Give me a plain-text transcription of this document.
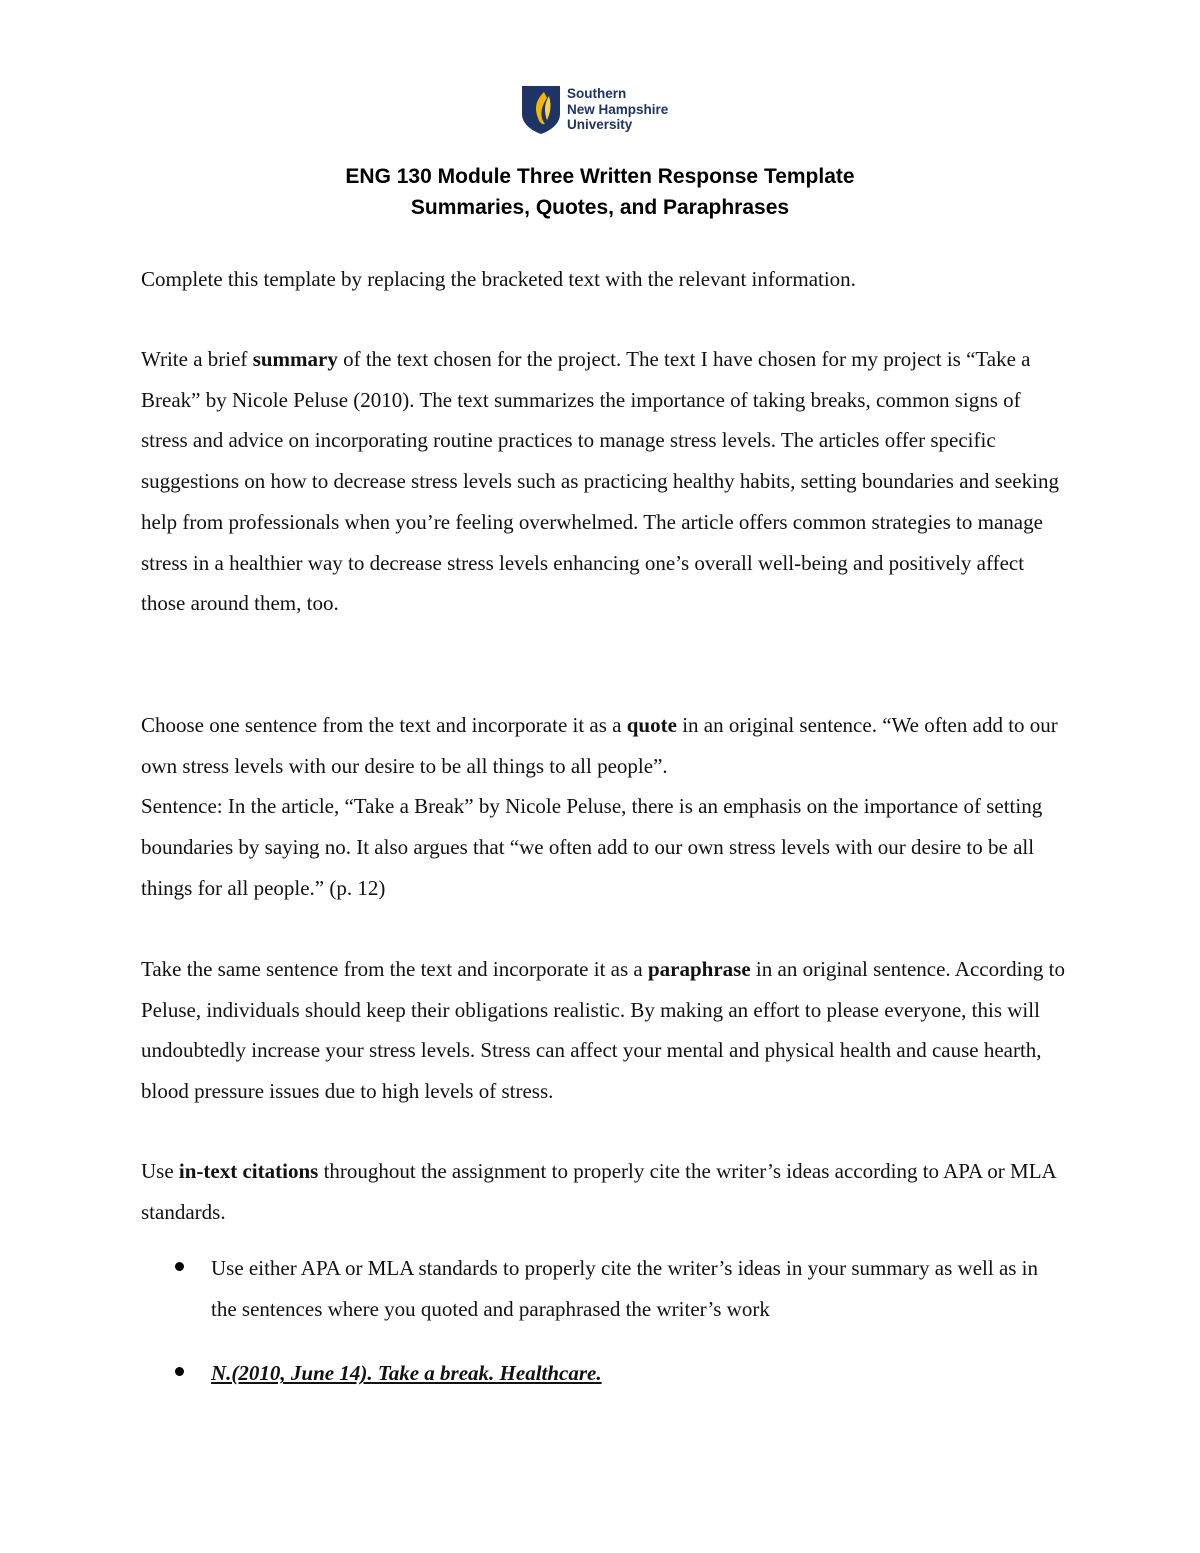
Southern
New Hampshire
University
ENG 130 Module Three Written Response Template
Summaries, Quotes, and Paraphrases

Complete this template by replacing the bracketed text with the relevant information.

Write a brief summary of the text chosen for the project. The text I have chosen for my project is “Take a Break” by Nicole Peluse (2010). The text summarizes the importance of taking breaks, common signs of stress and advice on incorporating routine practices to manage stress levels. The articles offer specific suggestions on how to decrease stress levels such as practicing healthy habits, setting boundaries and seeking help from professionals when you’re feeling overwhelmed. The article offers common strategies to manage stress in a healthier way to decrease stress levels enhancing one’s overall well-being and positively affect those around them, too.

Choose one sentence from the text and incorporate it as a quote in an original sentence. “We often add to our own stress levels with our desire to be all things to all people”.
Sentence: In the article, “Take a Break” by Nicole Peluse, there is an emphasis on the importance of setting boundaries by saying no. It also argues that “we often add to our own stress levels with our desire to be all things for all people.” (p. 12)

Take the same sentence from the text and incorporate it as a paraphrase in an original sentence. According to Peluse, individuals should keep their obligations realistic. By making an effort to please everyone, this will undoubtedly increase your stress levels. Stress can affect your mental and physical health and cause hearth, blood pressure issues due to high levels of stress.

Use in-text citations throughout the assignment to properly cite the writer’s ideas according to APA or MLA standards.

Use either APA or MLA standards to properly cite the writer’s ideas in your summary as well as in the sentences where you quoted and paraphrased the writer’s work
N.(2010, June 14). Take a break. Healthcare.
